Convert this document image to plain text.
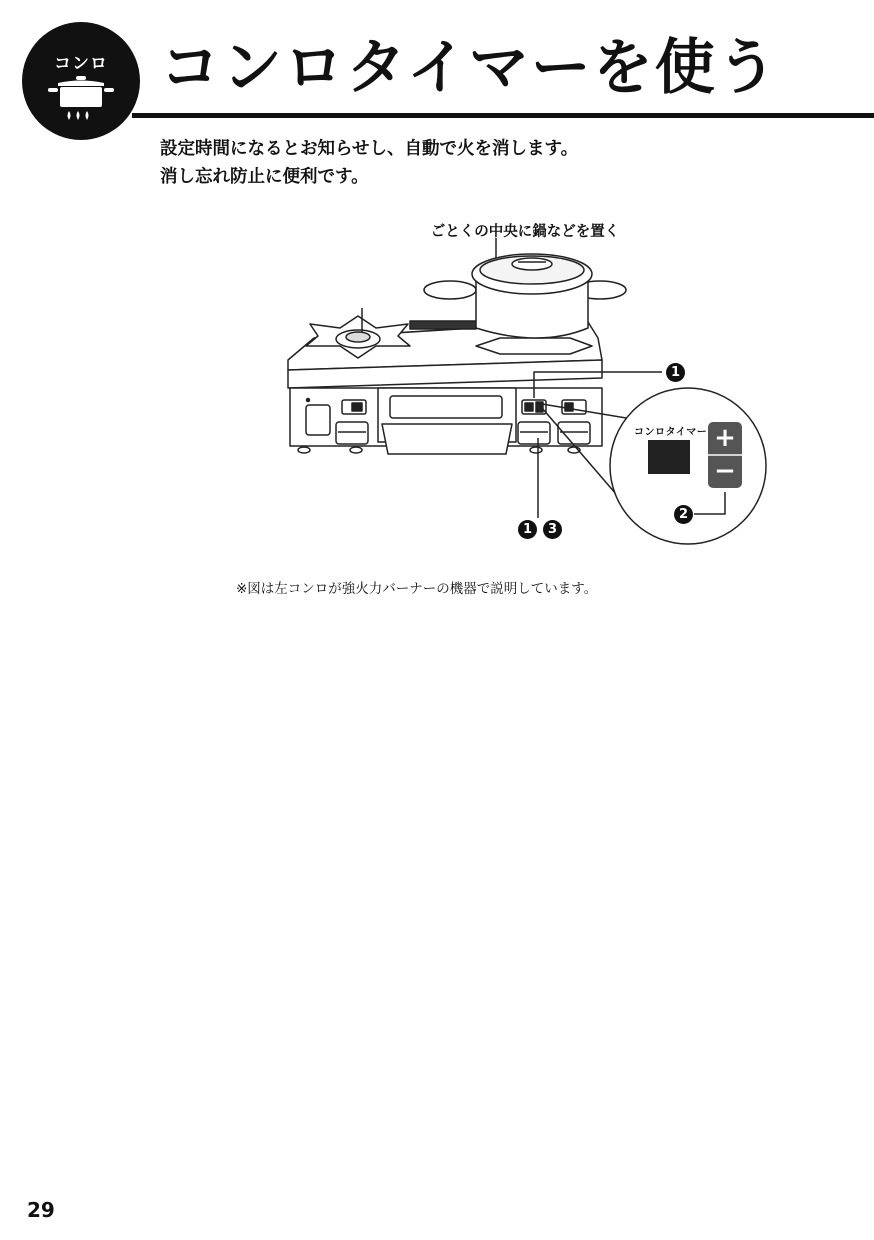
コンロ コンロタイマーを使う

設定時間になるとお知らせし、自動で火を消します。

消し忘れ防止に便利です。

ごとくの中央に鍋などを置く
コンロタイマー +
−
1
2
1	3
※図は左コンロが強火力バーナーの機器で説明しています。
29
